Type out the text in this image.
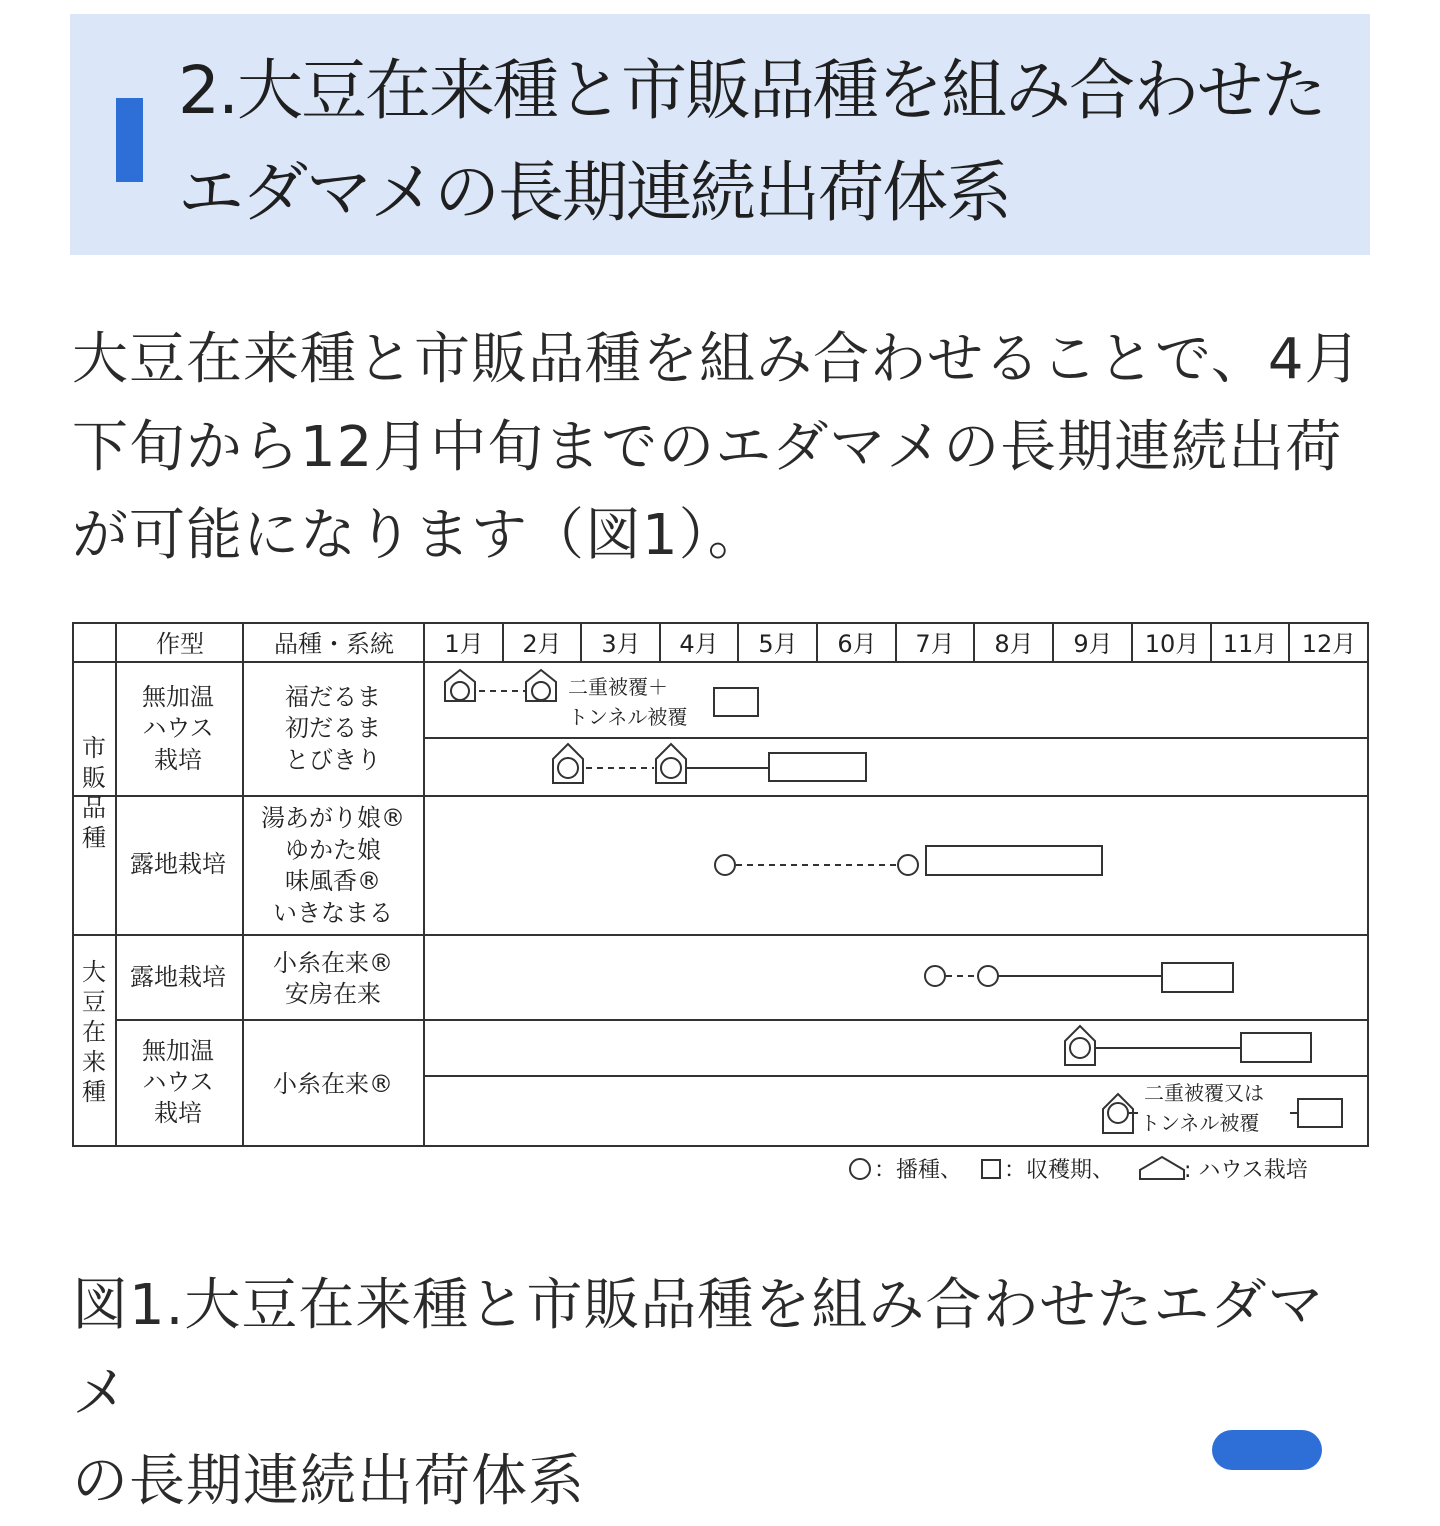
2.大豆在来種と市販品種を組み合わせた
エダマメの長期連続出荷体系
大豆在来種と市販品種を組み合わせることで、4月
下旬から12月中旬までのエダマメの長期連続出荷
が可能になります（図1）。
作型	品種・系統 1月 2月 3月 4月 5月 6月 7月 8月 9月 10月 11月 12月
市
販
品
種
大
豆
在
来
種
無加温
ハウス
栽培
露地栽培
露地栽培
無加温
ハウス
栽培
福だるま
初だるま
とびきり
湯あがり娘®
ゆかた娘
味風香®
いきなまる
小糸在来®
安房在来
小糸在来®
二重被覆＋
トンネル被覆
二重被覆又は
トンネル被覆
：播種、 ：収穫期、	: ハウス栽培
図1.大豆在来種と市販品種を組み合わせたエダマメ
の長期連続出荷体系
